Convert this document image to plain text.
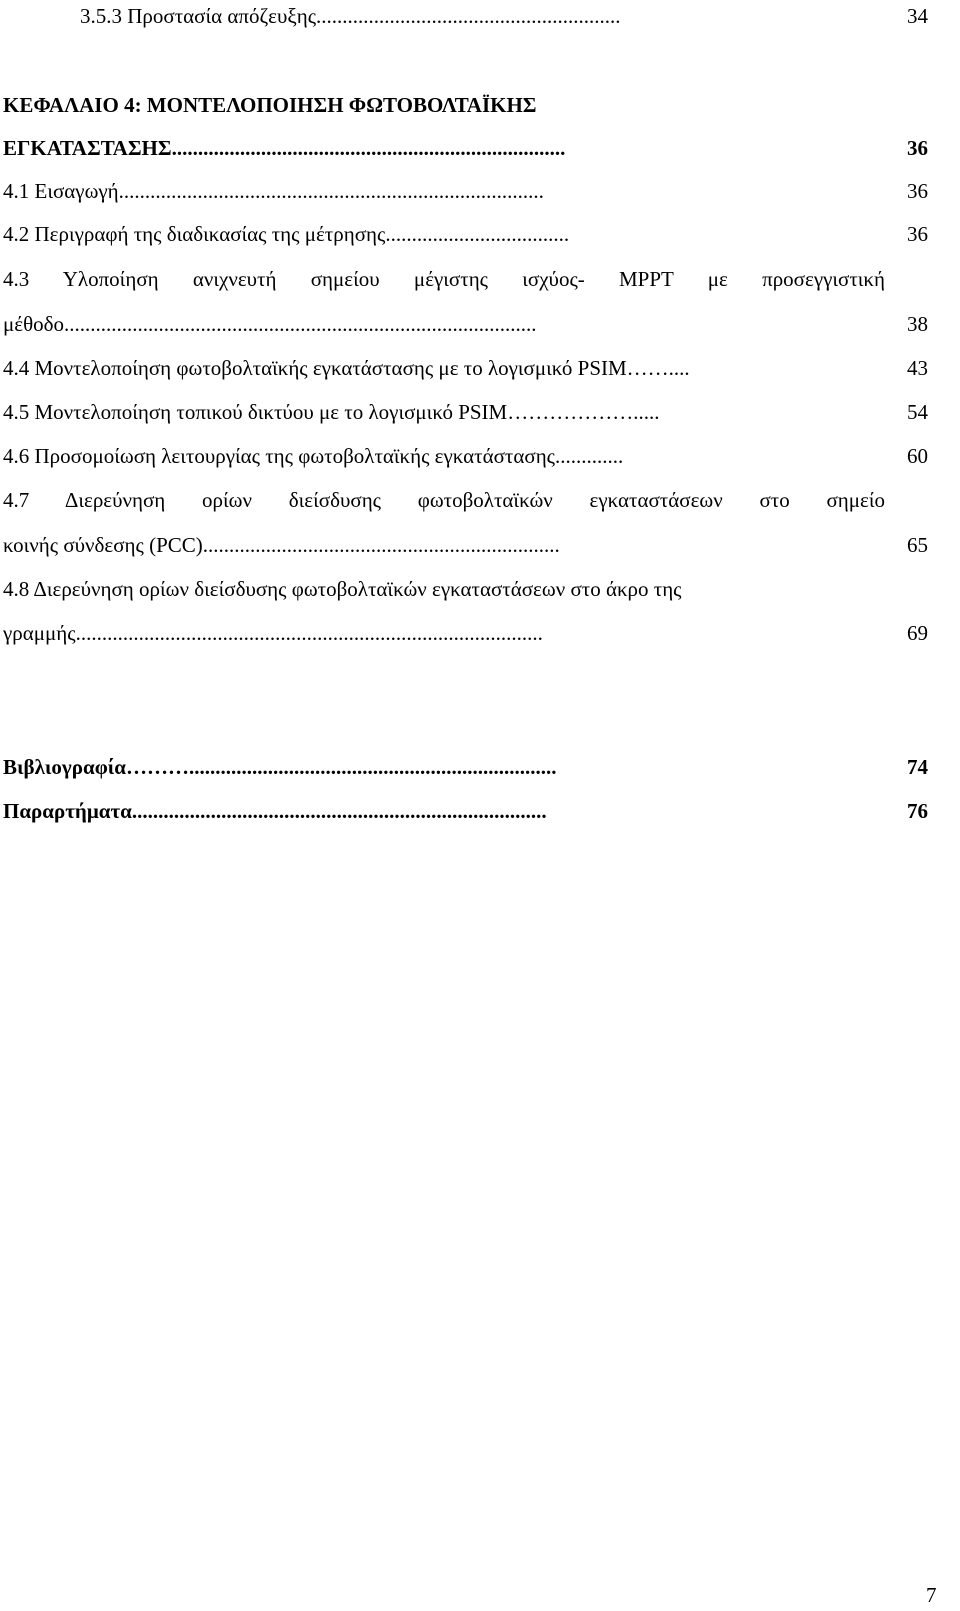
3.5.3 Προστασία απόζευξης..........................................................	34
ΚΕΦΑΛΑΙΟ 4: ΜΟΝΤΕΛΟΠΟΙΗΣΗ ΦΩΤΟΒΟΛΤΑΪΚΗΣ
ΕΓΚΑΤΑΣΤΑΣΗΣ...........................................................................	36
4.1 Εισαγωγή.................................................................................	36
4.2 Περιγραφή της διαδικασίας της μέτρησης...................................	36
4.3 Υλοποίηση ανιχνευτή σημείου μέγιστης ισχύος- MPPT με προσεγγιστική
μέθοδο..........................................................................................	38
4.4 Μοντελοποίηση φωτοβολταϊκής εγκατάστασης με το λογισμικό PSIM……....	43
4.5 Μοντελοποίηση τοπικού δικτύου με το λογισμικό PSIM……………….....	54
4.6 Προσομοίωση λειτουργίας της φωτοβολταϊκής εγκατάστασης.............	60
4.7 Διερεύνηση ορίων διείσδυσης φωτοβολταϊκών εγκαταστάσεων στο σημείο
κοινής σύνδεσης (PCC)....................................................................	65
4.8 Διερεύνηση ορίων διείσδυσης φωτοβολταϊκών εγκαταστάσεων στο άκρο της
γραμμής.........................................................................................	69
Βιβλιογραφία………......................................................................	74
Παραρτήματα...............................................................................	76
7
